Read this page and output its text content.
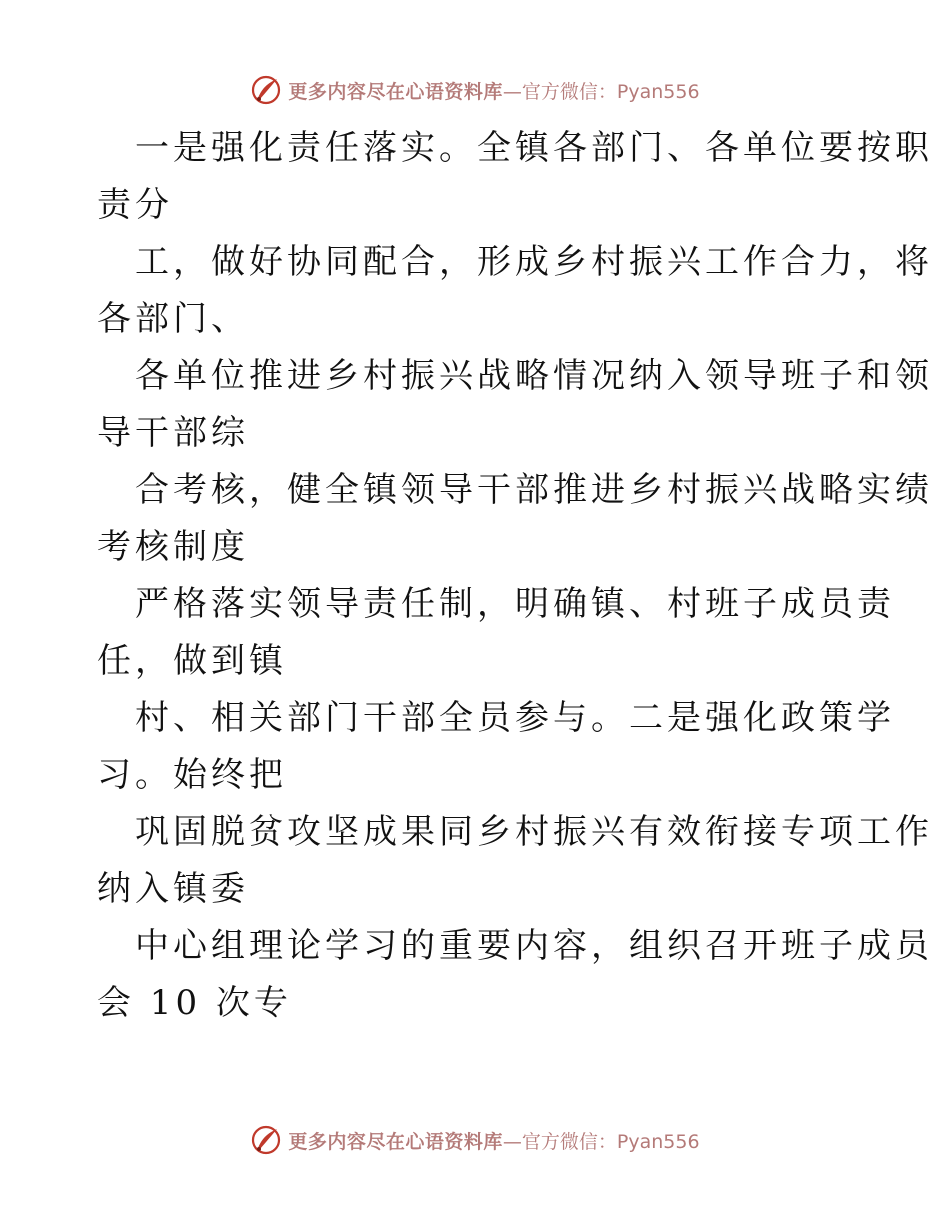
更多内容尽在心语资料库 —官方微信：Pyan556

一是强化责任落实。全镇各部门、各单位要按职
责分

工，做好协同配合，形成乡村振兴工作合力，将
各部门、

各单位推进乡村振兴战略情况纳入领导班子和领
导干部综

合考核，健全镇领导干部推进乡村振兴战略实绩
考核制度

严格落实领导责任制，明确镇、村班子成员责
任，做到镇

村、相关部门干部全员参与。二是强化政策学
习。始终把

巩固脱贫攻坚成果同乡村振兴有效衔接专项工作
纳入镇委

中心组理论学习的重要内容，组织召开班子成员
会 10 次专

更多内容尽在心语资料库 —官方微信：Pyan556
